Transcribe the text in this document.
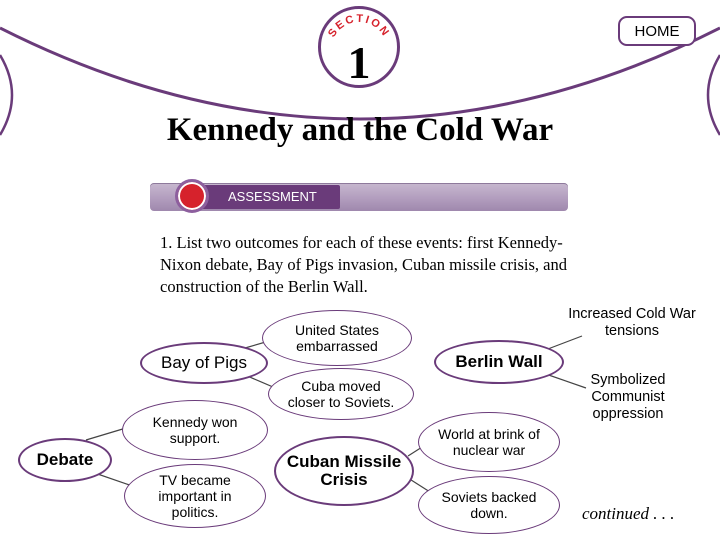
SECTION
1
HOME
Kennedy and the Cold War
ASSESSMENT
1. List two outcomes for each of these events: first Kennedy-Nixon debate, Bay of Pigs invasion, Cuban missile crisis, and construction of the Berlin Wall.
United States embarrassed
Cuba moved closer to Soviets.
Kennedy won support.
TV became important in politics.
World at brink of nuclear war
Soviets backed down.
Increased Cold War tensions
Symbolized Communist oppression
Bay of Pigs
Debate	Cuban Missile Crisis
Berlin Wall
continued . . .
